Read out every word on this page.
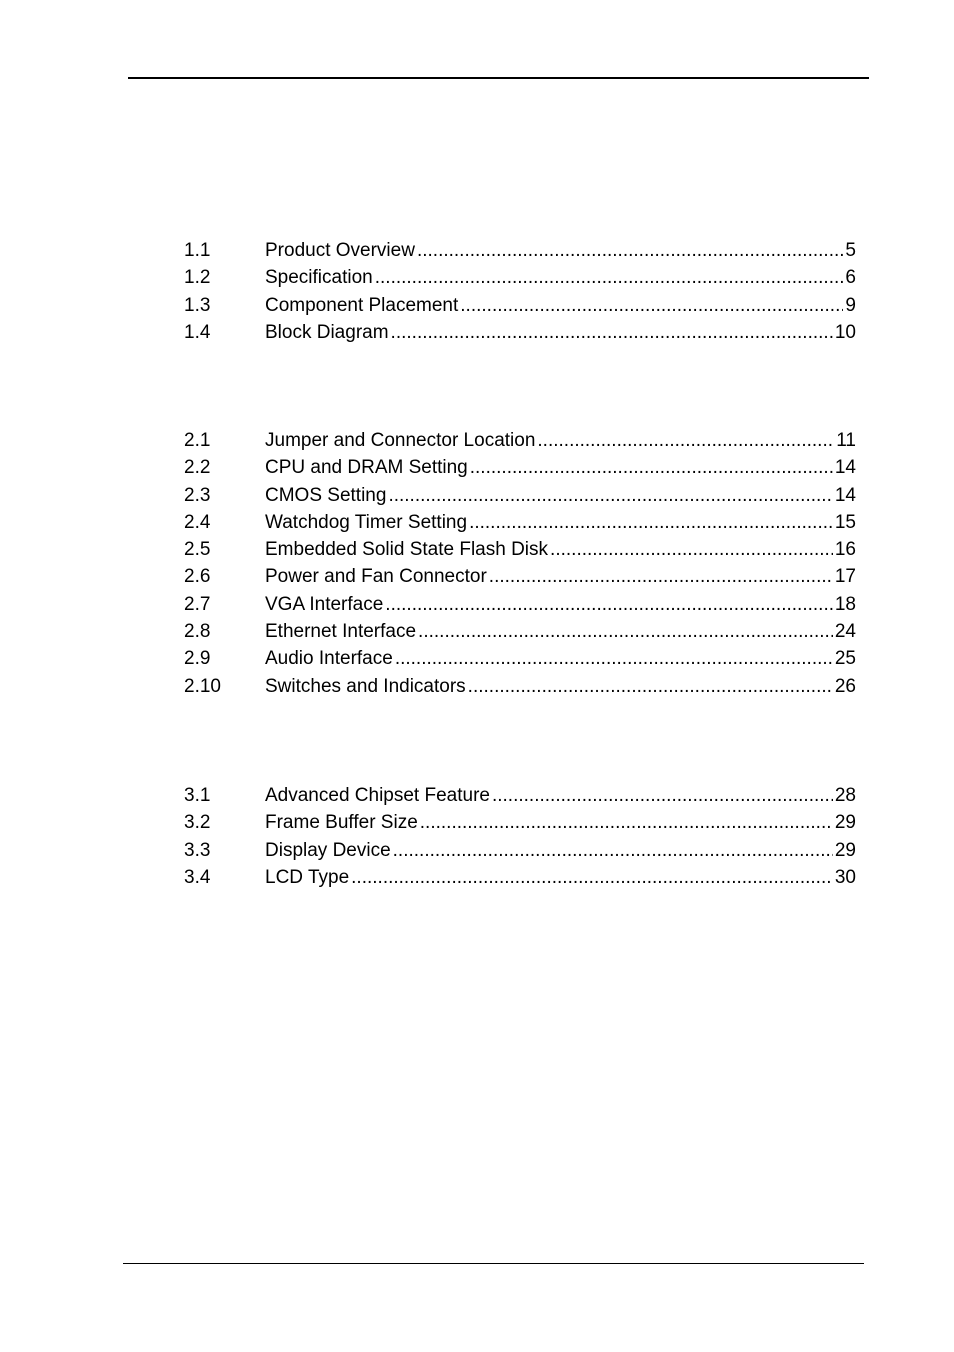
1.1	Product Overview .....	5
1.2	Specification .....	6
1.3	Component Placement .....	9
1.4	Block Diagram .....	10
2.1	Jumper and Connector Location .....	11
2.2	CPU and DRAM Setting .....	14
2.3	CMOS Setting .....	14
2.4	Watchdog Timer Setting .....	15
2.5	Embedded Solid State Flash Disk .....	16
2.6	Power and Fan Connector .....	17
2.7	VGA Interface .....	18
2.8	Ethernet Interface .....	24
2.9	Audio Interface .....	25
2.10 Switches and Indicators .....	26
3.1	Advanced Chipset Feature .....	28
3.2	Frame Buffer Size .....	29
3.3	Display Device .....	29
3.4	LCD Type .....	30
